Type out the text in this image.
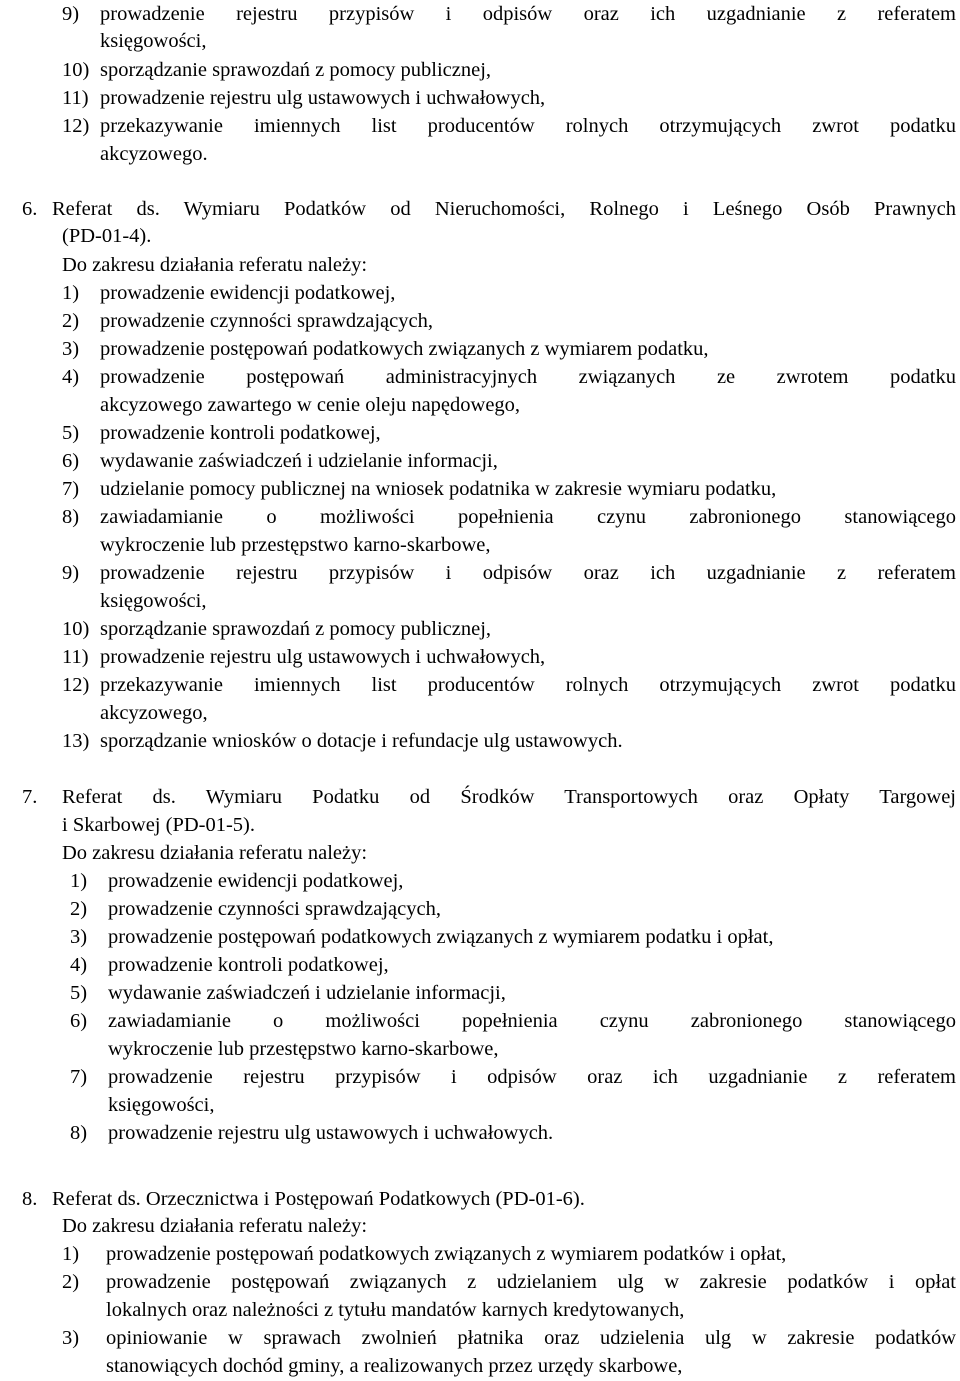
9) prowadzenie rejestru przypisów i odpisów oraz ich uzgadnianie z referatem
księgowości,
10) sporządzanie sprawozdań z pomocy publicznej,
11) prowadzenie rejestru ulg ustawowych i uchwałowych,
12) przekazywanie imiennych list producentów rolnych otrzymujących zwrot podatku
akcyzowego.
6. Referat ds. Wymiaru Podatków od Nieruchomości, Rolnego i Leśnego Osób Prawnych
(PD-01-4).
Do zakresu działania referatu należy:
1) prowadzenie ewidencji podatkowej,
2) prowadzenie czynności sprawdzających,
3) prowadzenie postępowań podatkowych związanych z wymiarem podatku,
4) prowadzenie postępowań administracyjnych związanych ze zwrotem podatku
akcyzowego zawartego w cenie oleju napędowego,
5) prowadzenie kontroli podatkowej,
6) wydawanie zaświadczeń i udzielanie informacji,
7) udzielanie pomocy publicznej na wniosek podatnika w zakresie wymiaru podatku,
8) zawiadamianie o możliwości popełnienia czynu zabronionego stanowiącego
wykroczenie lub przestępstwo karno-skarbowe,
9) prowadzenie rejestru przypisów i odpisów oraz ich uzgadnianie z referatem
księgowości,
10) sporządzanie sprawozdań z pomocy publicznej,
11) prowadzenie rejestru ulg ustawowych i uchwałowych,
12) przekazywanie imiennych list producentów rolnych otrzymujących zwrot podatku
akcyzowego,
13) sporządzanie wniosków o dotacje i refundacje ulg ustawowych.
7. Referat ds. Wymiaru Podatku od Środków Transportowych oraz Opłaty Targowej
i Skarbowej (PD-01-5).
Do zakresu działania referatu należy:
1) prowadzenie ewidencji podatkowej,
2) prowadzenie czynności sprawdzających,
3) prowadzenie postępowań podatkowych związanych z wymiarem podatku i opłat,
4) prowadzenie kontroli podatkowej,
5) wydawanie zaświadczeń i udzielanie informacji,
6) zawiadamianie o możliwości popełnienia czynu zabronionego stanowiącego
wykroczenie lub przestępstwo karno-skarbowe,
7) prowadzenie rejestru przypisów i odpisów oraz ich uzgadnianie z referatem
księgowości,
8) prowadzenie rejestru ulg ustawowych i uchwałowych.
8. Referat ds. Orzecznictwa i Postępowań Podatkowych (PD-01-6).
Do zakresu działania referatu należy:
1) prowadzenie postępowań podatkowych związanych z wymiarem podatków i opłat,
2) prowadzenie postępowań związanych z udzielaniem ulg w zakresie podatków i opłat
lokalnych oraz należności z tytułu mandatów karnych kredytowanych,
3) opiniowanie w sprawach zwolnień płatnika oraz udzielenia ulg w zakresie podatków
stanowiących dochód gminy, a realizowanych przez urzędy skarbowe,
